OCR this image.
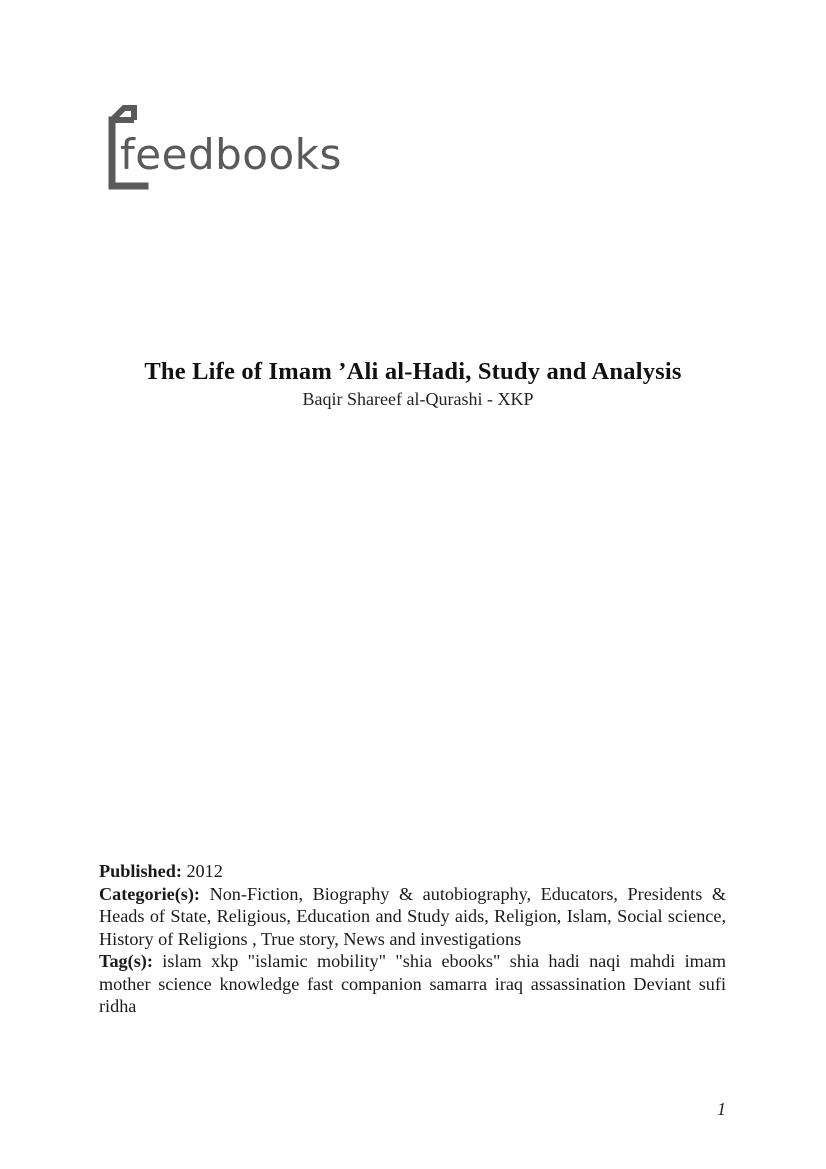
feedbooks

The Life of Imam ’Ali al-Hadi, Study and Analysis

Baqir Shareef al-Qurashi - XKP

Published: 2012

Categorie(s): Non-Fiction, Biography & autobiography, Educators, Presidents & Heads of State, Religious, Education and Study aids, Religion, Islam, Social science, History of Religions , True story, News and investigations

Tag(s): islam xkp "islamic mobility" "shia ebooks" shia hadi naqi mahdi imam mother science knowledge fast companion samarra iraq assassination Deviant sufi ridha

1
